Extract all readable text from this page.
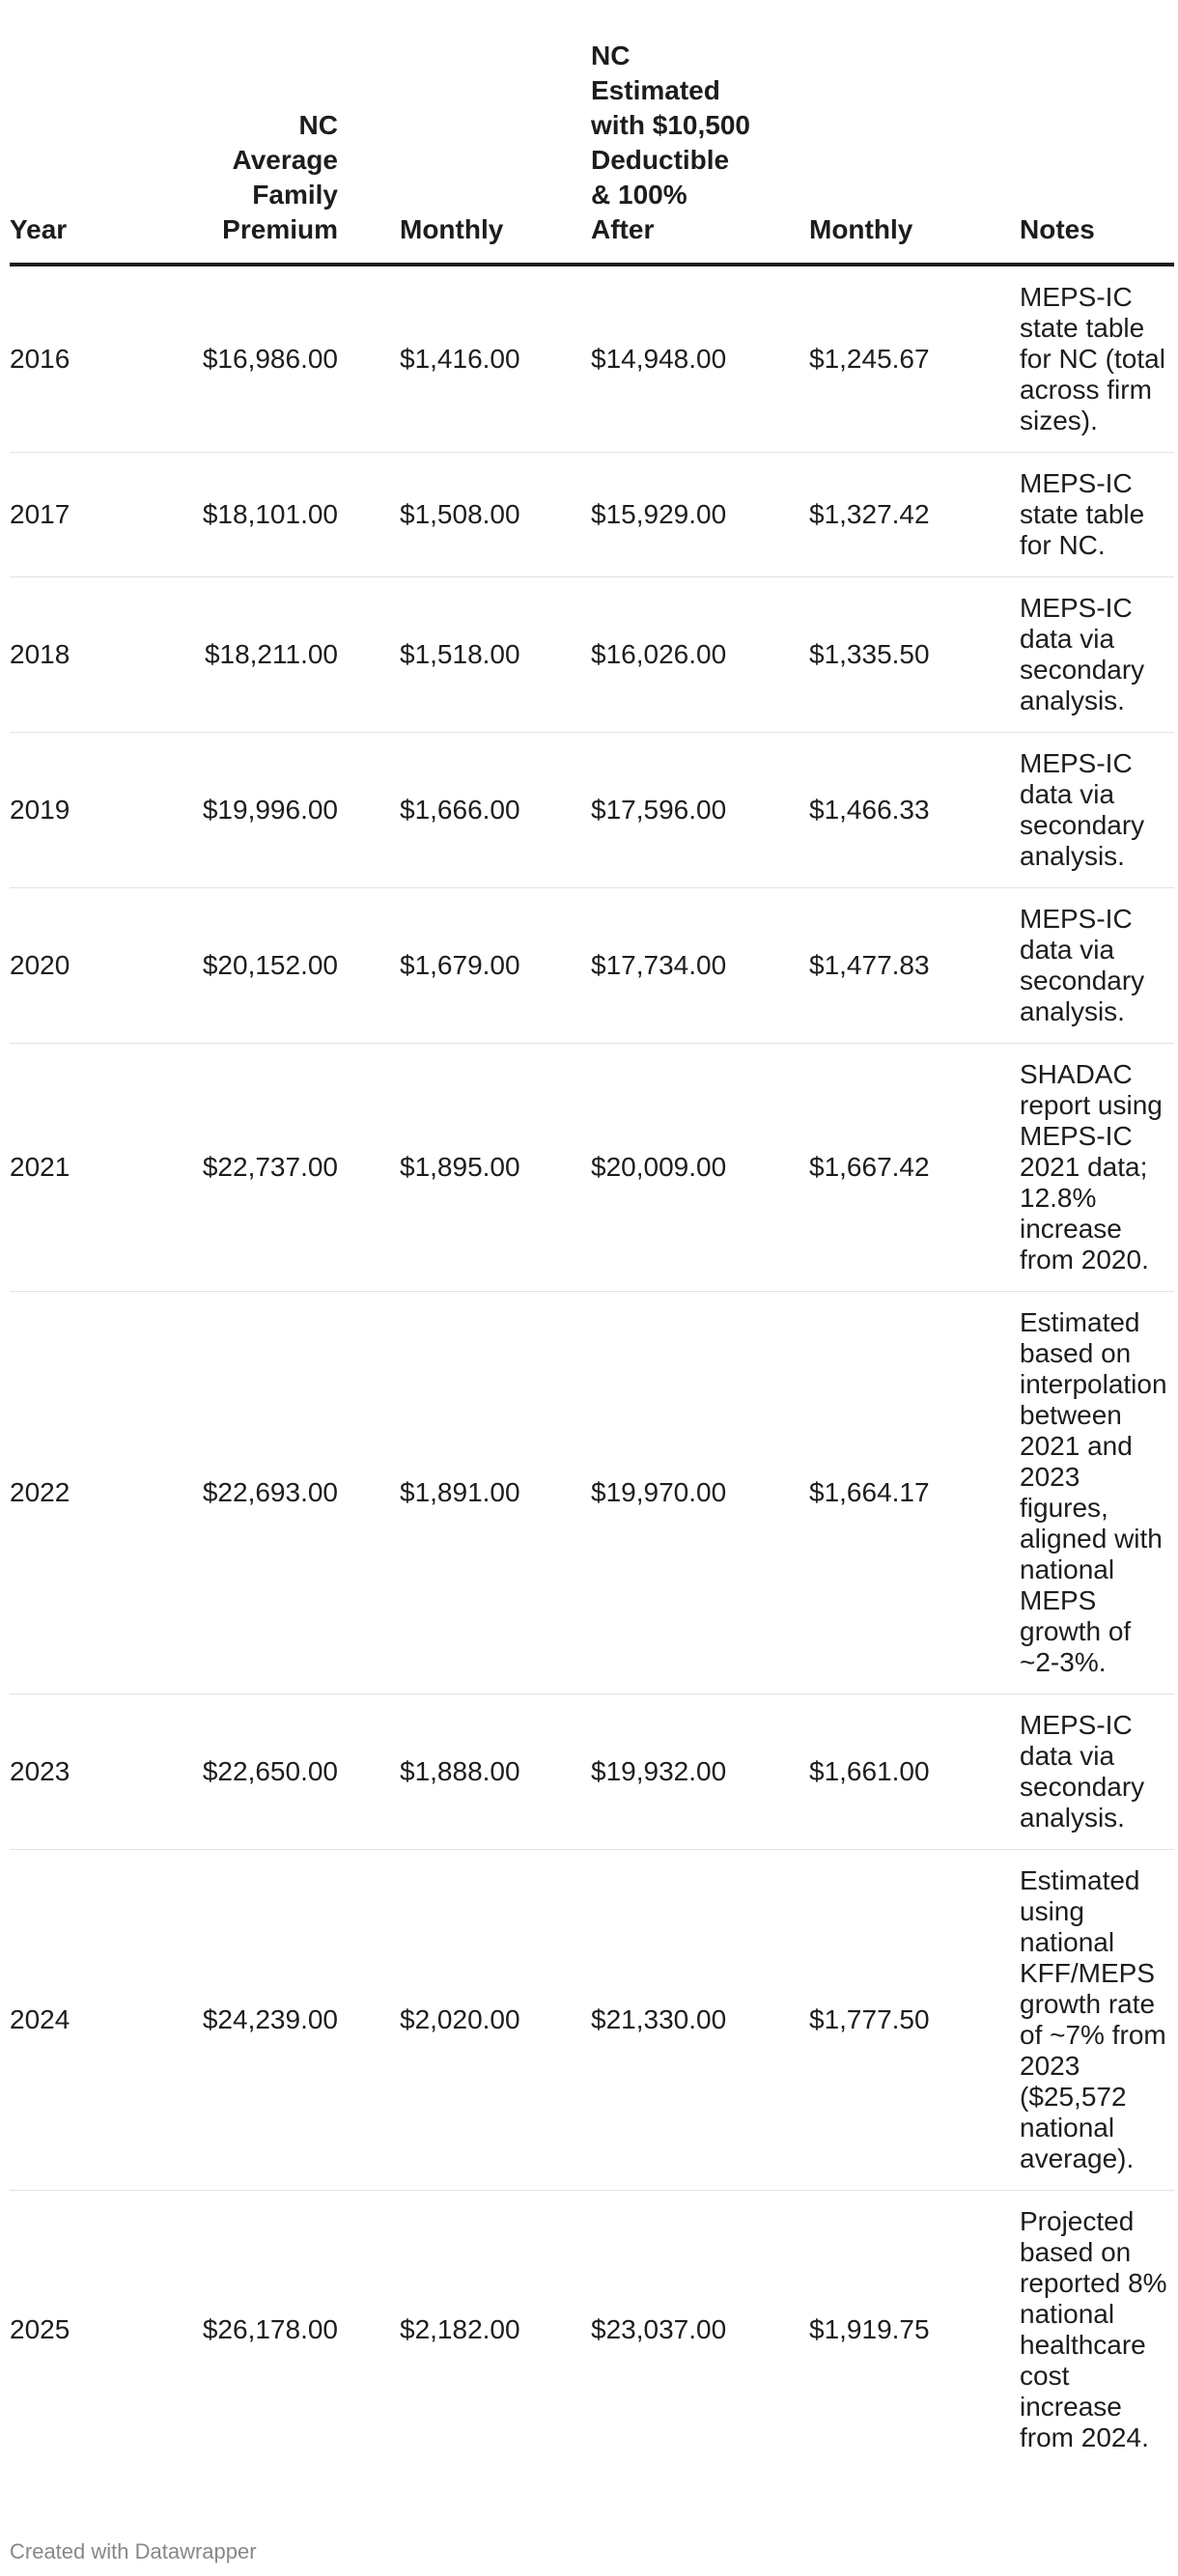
Year	NC Average Family Premium	Monthly	NC Estimated with $10,500 Deductible & 100% After	Monthly	Notes
2016	$16,986.00	$1,416.00	$14,948.00	$1,245.67	MEPS-IC state table for NC (total across firm sizes).
2017	$18,101.00	$1,508.00	$15,929.00	$1,327.42	MEPS-IC state table for NC.
2018	$18,211.00	$1,518.00	$16,026.00	$1,335.50	MEPS-IC data via secondary analysis.
2019	$19,996.00	$1,666.00	$17,596.00	$1,466.33	MEPS-IC data via secondary analysis.
2020	$20,152.00	$1,679.00	$17,734.00	$1,477.83	MEPS-IC data via secondary analysis.
2021	$22,737.00	$1,895.00	$20,009.00	$1,667.42	SHADAC report using MEPS-IC 2021 data; 12.8% increase from 2020.
2022	$22,693.00	$1,891.00	$19,970.00	$1,664.17	Estimated based on interpolation between 2021 and 2023 figures, aligned with national MEPS growth of ~2-3%.
2023	$22,650.00	$1,888.00	$19,932.00	$1,661.00	MEPS-IC data via secondary analysis.
2024	$24,239.00	$2,020.00	$21,330.00	$1,777.50	Estimated using national KFF/MEPS growth rate of ~7% from 2023 ($25,572 national average).
2025	$26,178.00	$2,182.00	$23,037.00	$1,919.75	Projected based on reported 8% national healthcare cost increase from 2024.
Created with Datawrapper
